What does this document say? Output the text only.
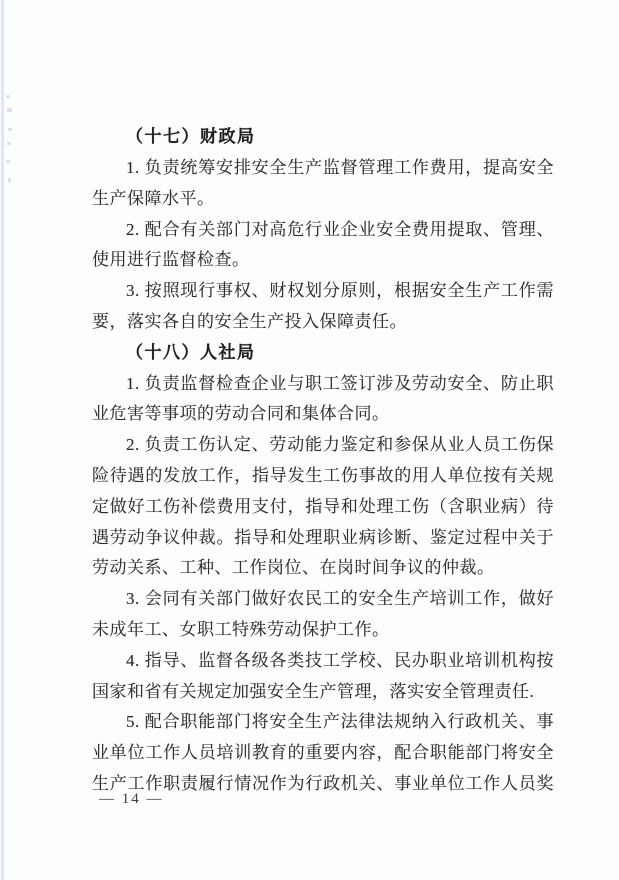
（十七）财政局
1. 负责统筹安排安全生产监督管理工作费用，提高安全
生产保障水平。
2. 配合有关部门对高危行业企业安全费用提取、管理、
使用进行监督检查。
3. 按照现行事权、财权划分原则，根据安全生产工作需
要，落实各自的安全生产投入保障责任。
（十八）人社局
1. 负责监督检查企业与职工签订涉及劳动安全、防止职
业危害等事项的劳动合同和集体合同。
2. 负责工伤认定、劳动能力鉴定和参保从业人员工伤保
险待遇的发放工作，指导发生工伤事故的用人单位按有关规
定做好工伤补偿费用支付，指导和处理工伤（含职业病）待
遇劳动争议仲裁。指导和处理职业病诊断、鉴定过程中关于
劳动关系、工种、工作岗位、在岗时间争议的仲裁。
3. 会同有关部门做好农民工的安全生产培训工作，做好
未成年工、女职工特殊劳动保护工作。
4. 指导、监督各级各类技工学校、民办职业培训机构按
国家和省有关规定加强安全生产管理，落实安全管理责任.
5. 配合职能部门将安全生产法律法规纳入行政机关、事
业单位工作人员培训教育的重要内容，配合职能部门将安全
生产工作职责履行情况作为行政机关、事业单位工作人员奖
— 14 —
